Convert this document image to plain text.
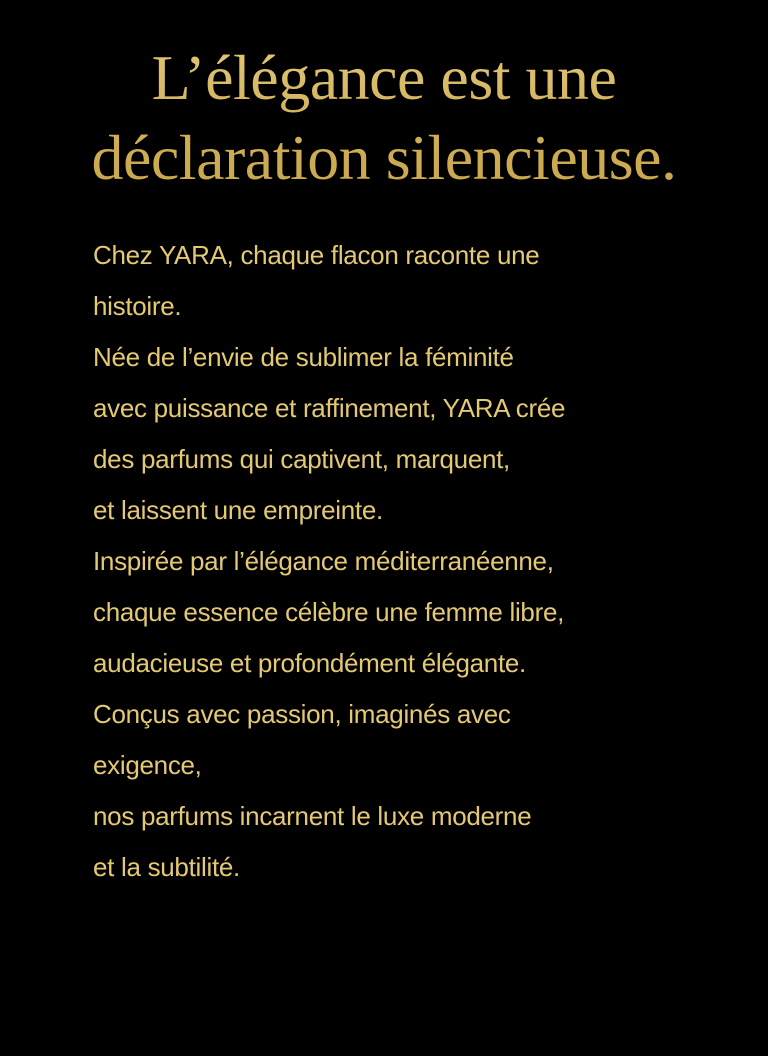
L’élégance est une
déclaration silencieuse.
Chez YARA, chaque flacon raconte une
histoire.
Née de l’envie de sublimer la féminité
avec puissance et raffinement, YARA crée
des parfums qui captivent, marquent,
et laissent une empreinte.
Inspirée par l’élégance méditerranéenne,
chaque essence célèbre une femme libre,
audacieuse et profondément élégante.
Conçus avec passion, imaginés avec
exigence,
nos parfums incarnent le luxe moderne
et la subtilité.
